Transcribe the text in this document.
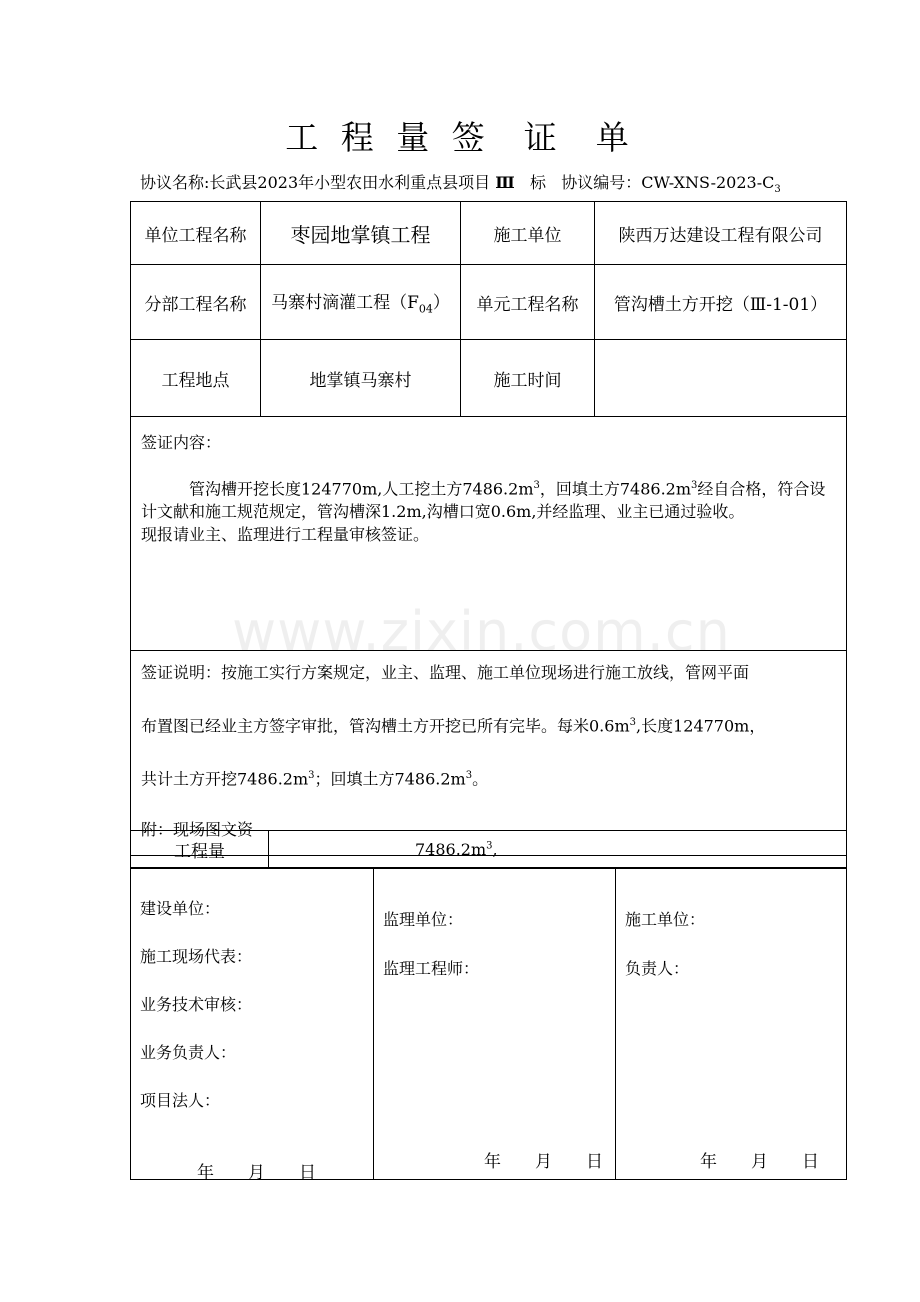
工 程 量 签  证  单
协议名称:长武县2023年小型农田水利重点县项目 Ⅲ 标 协议编号：$CW-XNS-2023-C_3$
单位工程名称	枣园地掌镇工程	施工单位	陕西万达建设工程有限公司
分部工程名称	马寨村滴灌工程$(F_{04})$	单元工程名称	管沟槽土方开挖（Ⅲ-1-01）
工程地点	地掌镇马寨村	施工时间	

签证内容：

管沟槽开挖长度124770m,人工挖土方$7486.2m^3$，回填土方$7486.2m^3$经自合格，符合设计文献和施工规范规定，管沟槽深1.2m,沟槽口宽0.6m,并经监理、业主已通过验收。

现报请业主、监理进行工程量审核签证。			

签证说明：按施工实行方案规定，业主、监理、施工单位现场进行施工放线，管网平面

布置图已经业主方签字审批，管沟槽土方开挖已所有完毕。每米$0.6m^3$,长度124770m，

共计土方开挖$7486.2m^3$；回填土方$7486.2m^3$。

附：现场图文资			

工程量	$7486.2m^3$,
建设单位：
施工现场代表：
业务技术审核：
业务负责人：
项目法人：
年　　月　　日

监理单位：
监理工程师：
年　　月　　日

施工单位：
负责人：
年　　月　　日
www.zixin.com.cn
